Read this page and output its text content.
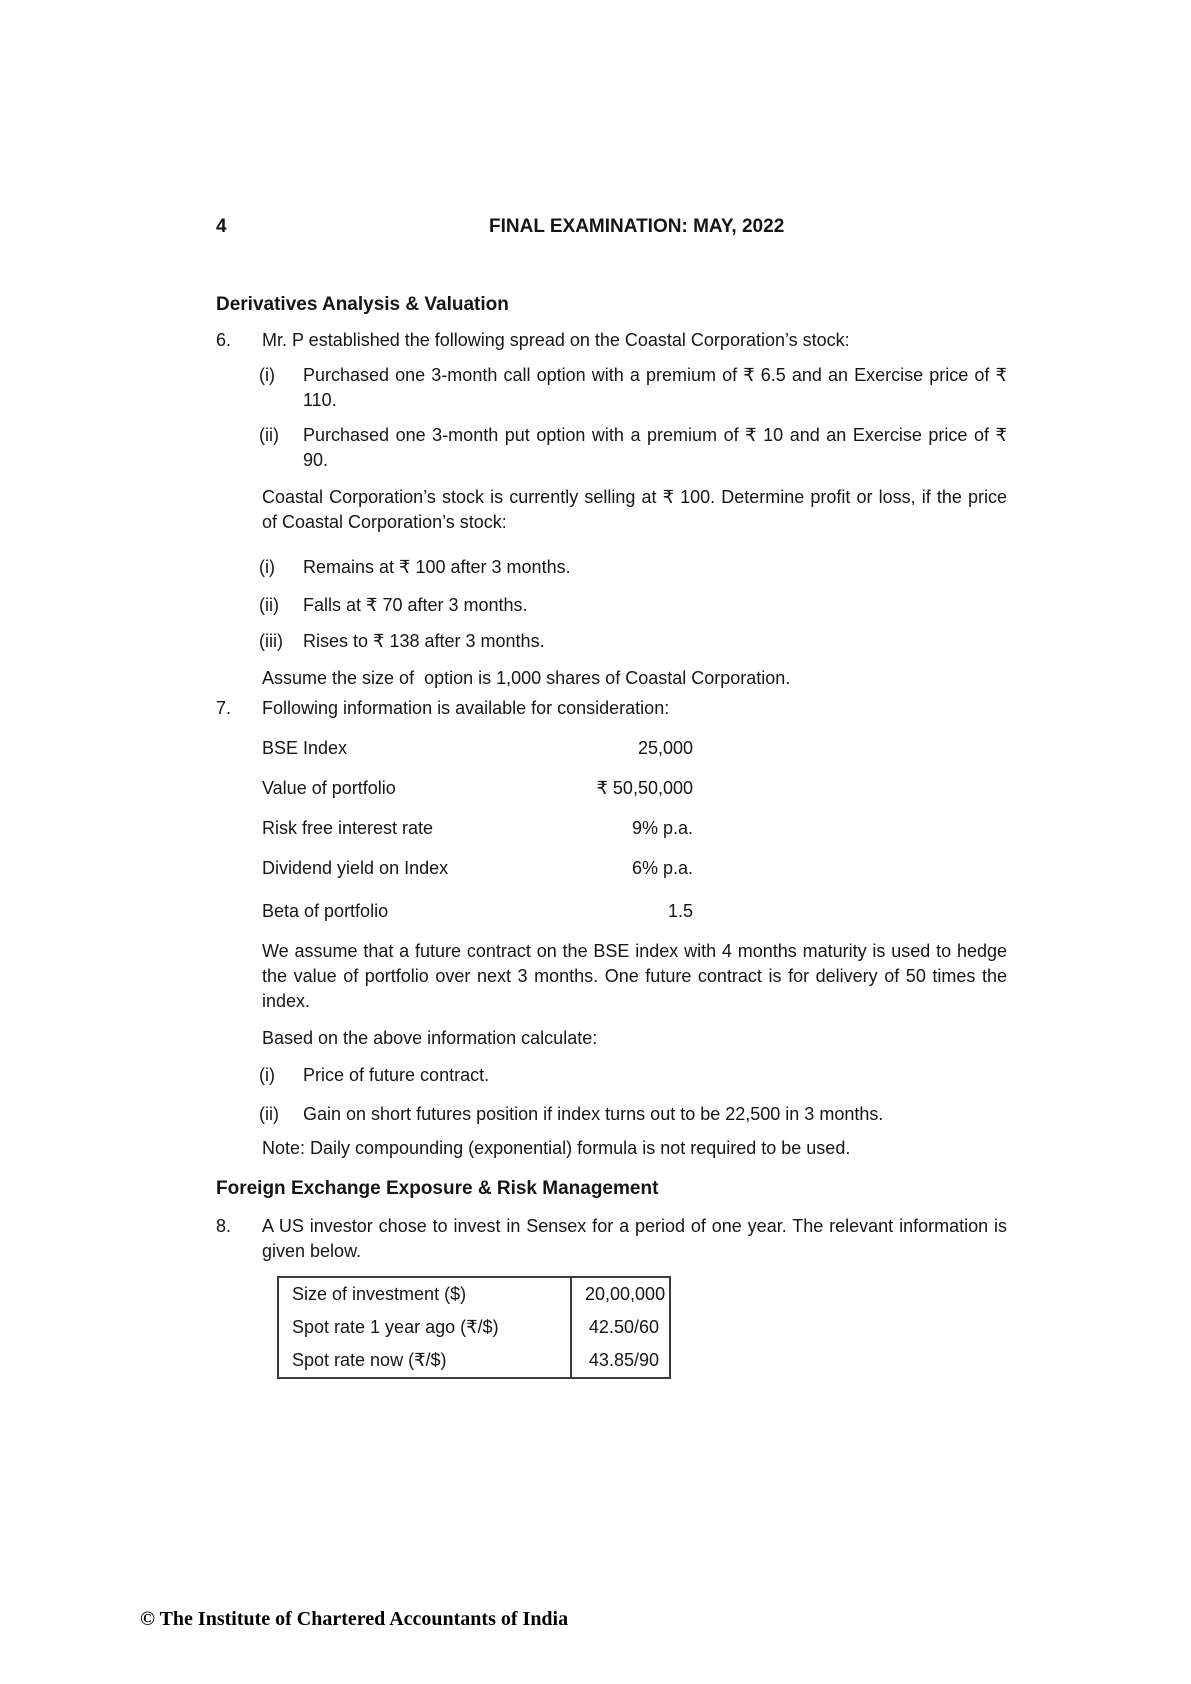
4	FINAL EXAMINATION: MAY, 2022
Derivatives Analysis & Valuation
6. Mr. P established the following spread on the Coastal Corporation’s stock:
(i) Purchased one 3-month call option with a premium of ₹ 6.5 and an Exercise price of ₹ 110.
(ii) Purchased one 3-month put option with a premium of ₹ 10 and an Exercise price of ₹ 90.
Coastal Corporation’s stock is currently selling at ₹ 100. Determine profit or loss, if the price of Coastal Corporation’s stock:
(i) Remains at ₹ 100 after 3 months.
(ii) Falls at ₹ 70 after 3 months.
(iii) Rises to ₹ 138 after 3 months.
Assume the size of  option is 1,000 shares of Coastal Corporation.
7. Following information is available for consideration:
BSE Index	25,000
Value of portfolio	₹ 50,50,000
Risk free interest rate	9% p.a.
Dividend yield on Index	6% p.a.
Beta of portfolio	1.5
We assume that a future contract on the BSE index with 4 months maturity is used to hedge the value of portfolio over next 3 months. One future contract is for delivery of 50 times the index.
Based on the above information calculate:
(i) Price of future contract.
(ii) Gain on short futures position if index turns out to be 22,500 in 3 months.
Note: Daily compounding (exponential) formula is not required to be used.
Foreign Exchange Exposure & Risk Management
8. A US investor chose to invest in Sensex for a period of one year. The relevant information is given below.
Size of investment ($)	20,00,000
Spot rate 1 year ago (₹/$)	42.50/60
Spot rate now (₹/$)	43.85/90
© The Institute of Chartered Accountants of India
